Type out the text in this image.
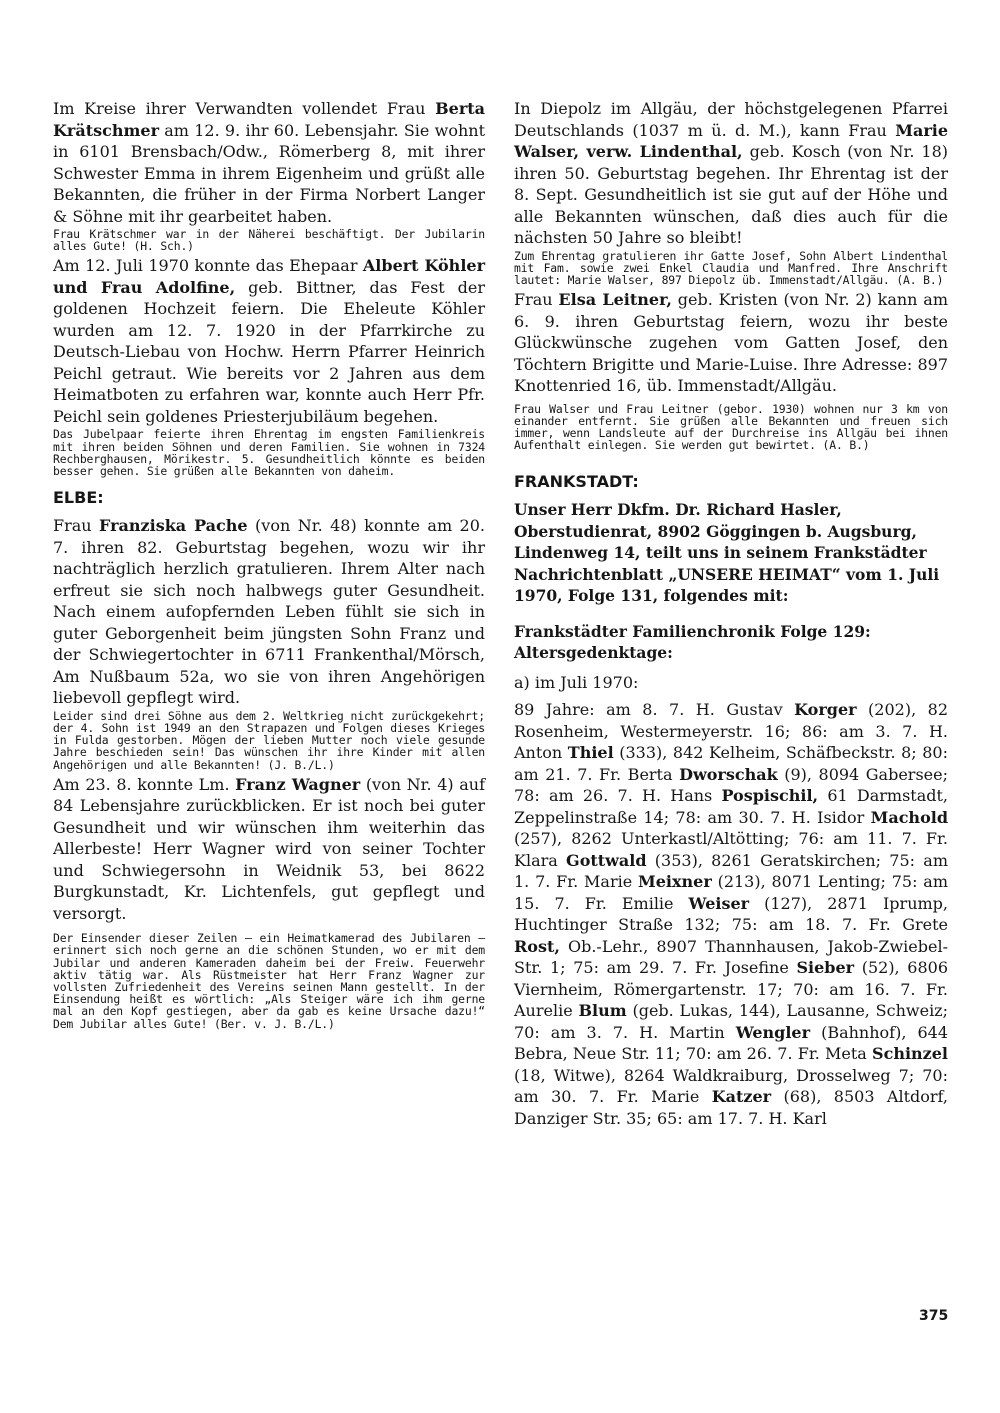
Im Kreise ihrer Verwandten vollendet Frau Berta Krätschmer am 12. 9. ihr 60. Lebensjahr. Sie wohnt in 6101 Brensbach/Odw., Römerberg 8, mit ihrer Schwester Emma in ihrem Eigenheim und grüßt alle Bekannten, die früher in der Firma Norbert Langer & Söhne mit ihr gearbeitet haben.

Frau Krätschmer war in der Näherei beschäftigt. Der Jubilarin alles Gute! (H. Sch.)

Am 12. Juli 1970 konnte das Ehepaar Albert Köhler und Frau Adolfine, geb. Bittner, das Fest der goldenen Hochzeit feiern. Die Eheleute Köhler wurden am 12. 7. 1920 in der Pfarrkirche zu Deutsch-Liebau von Hochw. Herrn Pfarrer Heinrich Peichl getraut. Wie bereits vor 2 Jahren aus dem Heimatboten zu erfahren war, konnte auch Herr Pfr. Peichl sein goldenes Priesterjubiläum begehen.

Das Jubelpaar feierte ihren Ehrentag im engsten Familienkreis mit ihren beiden Söhnen und deren Familien. Sie wohnen in 7324 Rechberghausen, Mörikestr. 5. Gesundheitlich könnte es beiden besser gehen. Sie grüßen alle Bekannten von daheim.

ELBE:

Frau Franziska Pache (von Nr. 48) konnte am 20. 7. ihren 82. Geburtstag begehen, wozu wir ihr nachträglich herzlich gratulieren. Ihrem Alter nach erfreut sie sich noch halbwegs guter Gesundheit. Nach einem aufopfernden Leben fühlt sie sich in guter Geborgenheit beim jüngsten Sohn Franz und der Schwiegertochter in 6711 Frankenthal/Mörsch, Am Nußbaum 52a, wo sie von ihren Angehörigen liebevoll gepflegt wird.

Leider sind drei Söhne aus dem 2. Weltkrieg nicht zurückgekehrt; der 4. Sohn ist 1949 an den Strapazen und Folgen dieses Krieges in Fulda gestorben. Mögen der lieben Mutter noch viele gesunde Jahre beschieden sein! Das wünschen ihr ihre Kinder mit allen Angehörigen und alle Bekannten! (J. B./L.)

Am 23. 8. konnte Lm. Franz Wagner (von Nr. 4) auf 84 Lebensjahre zurückblicken. Er ist noch bei guter Gesundheit und wir wünschen ihm weiterhin das Allerbeste! Herr Wagner wird von seiner Tochter und Schwiegersohn in Weidnik 53, bei 8622 Burgkunstadt, Kr. Lichtenfels, gut gepflegt und versorgt.

Der Einsender dieser Zeilen — ein Heimatkamerad des Jubilaren — erinnert sich noch gerne an die schönen Stunden, wo er mit dem Jubilar und anderen Kameraden daheim bei der Freiw. Feuerwehr aktiv tätig war. Als Rüstmeister hat Herr Franz Wagner zur vollsten Zufriedenheit des Vereins seinen Mann gestellt. In der Einsendung heißt es wörtlich: „Als Steiger wäre ich ihm gerne mal an den Kopf gestiegen, aber da gab es keine Ursache dazu!“ Dem Jubilar alles Gute! (Ber. v. J. B./L.)

In Diepolz im Allgäu, der höchstgelegenen Pfarrei Deutschlands (1037 m ü. d. M.), kann Frau Marie Walser, verw. Lindenthal, geb. Kosch (von Nr. 18) ihren 50. Geburtstag begehen. Ihr Ehrentag ist der 8. Sept. Gesundheitlich ist sie gut auf der Höhe und alle Bekannten wünschen, daß dies auch für die nächsten 50 Jahre so bleibt!

Zum Ehrentag gratulieren ihr Gatte Josef, Sohn Albert Lindenthal mit Fam. sowie zwei Enkel Claudia und Manfred. Ihre Anschrift lautet: Marie Walser, 897 Diepolz üb. Immenstadt/Allgäu. (A. B.)

Frau Elsa Leitner, geb. Kristen (von Nr. 2) kann am 6. 9. ihren Geburtstag feiern, wozu ihr beste Glückwünsche zugehen vom Gatten Josef, den Töchtern Brigitte und Marie-Luise. Ihre Adresse: 897 Knottenried 16, üb. Immenstadt/Allgäu.

Frau Walser und Frau Leitner (gebor. 1930) wohnen nur 3 km von einander entfernt. Sie grüßen alle Bekannten und freuen sich immer, wenn Landsleute auf der Durchreise ins Allgäu bei ihnen Aufenthalt einlegen. Sie werden gut bewirtet. (A. B.)

FRANKSTADT:

Unser Herr Dkfm. Dr. Richard Hasler, Oberstudienrat, 8902 Göggingen b. Augsburg, Lindenweg 14, teilt uns in seinem Frankstädter Nachrichtenblatt „UNSERE HEIMAT“ vom 1. Juli 1970, Folge 131, folgendes mit:

Frankstädter Familienchronik Folge 129: Altersgedenktage:

a) im Juli 1970:

89 Jahre: am 8. 7. H. Gustav Korger (202), 82 Rosenheim, Westermeyerstr. 16; 86: am 3. 7. H. Anton Thiel (333), 842 Kelheim, Schäfbeckstr. 8; 80: am 21. 7. Fr. Berta Dworschak (9), 8094 Gabersee; 78: am 26. 7. H. Hans Pospischil, 61 Darmstadt, Zeppelinstraße 14; 78: am 30. 7. H. Isidor Machold (257), 8262 Unterkastl/Altötting; 76: am 11. 7. Fr. Klara Gottwald (353), 8261 Geratskirchen; 75: am 1. 7. Fr. Marie Meixner (213), 8071 Lenting; 75: am 15. 7. Fr. Emilie Weiser (127), 2871 Iprump, Huchtinger Straße 132; 75: am 18. 7. Fr. Grete Rost, Ob.-Lehr., 8907 Thannhausen, Jakob-Zwiebel-Str. 1; 75: am 29. 7. Fr. Josefine Sieber (52), 6806 Viernheim, Römergartenstr. 17; 70: am 16. 7. Fr. Aurelie Blum (geb. Lukas, 144), Lausanne, Schweiz; 70: am 3. 7. H. Martin Wengler (Bahnhof), 644 Bebra, Neue Str. 11; 70: am 26. 7. Fr. Meta Schinzel (18, Witwe), 8264 Waldkraiburg, Drosselweg 7; 70: am 30. 7. Fr. Marie Katzer (68), 8503 Altdorf, Danziger Str. 35; 65: am 17. 7. H. Karl

375
